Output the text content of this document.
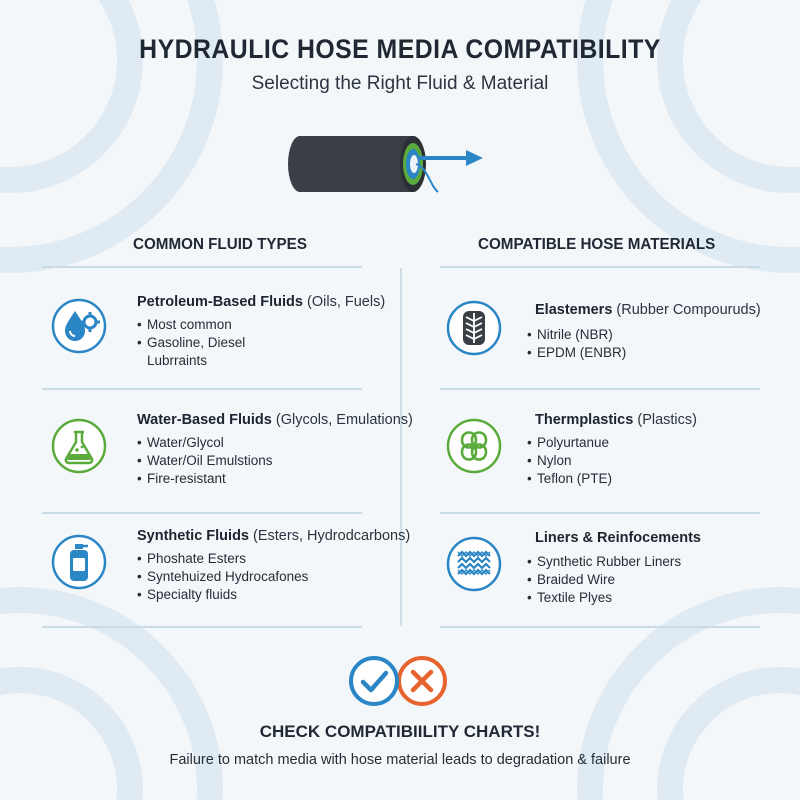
HYDRAULIC HOSE MEDIA COMPATIBILITY
Selecting the Right Fluid & Material
COMMON FLUID TYPES	COMPATIBLE HOSE MATERIALS
Petroleum-Based Fluids (Oils, Fuels)
• Most common
• Gasoline, Diesel
Lubrraints
Water-Based Fluids (Glycols, Emulations)
• Water/Glycol
• Water/Oil Emulstions
• Fire-resistant
Synthetic Fluids (Esters, Hydrodcarbons)
• Phoshate Esters
• Syntehuized Hydrocafones
• Specialty fluids
Elastemers (Rubber Compouruds)
• Nitrile (NBR)
• EPDM (ENBR)
Thermplastics (Plastics)
• Polyurtanue
• Nylon
• Teflon (PTE)
Liners & Reinfocements
• Synthetic Rubber Liners
• Braided Wire
• Textile Plyes
CHECK COMPATIBIILITY CHARTS!
Failure to match media with hose material leads to degradation & failure
